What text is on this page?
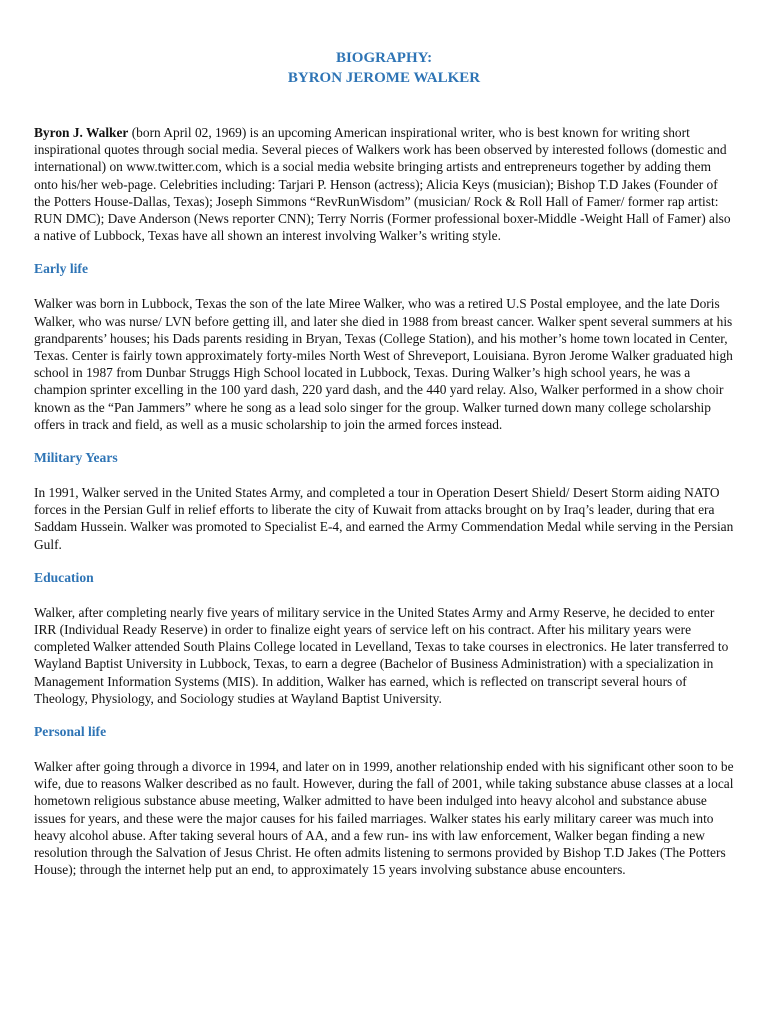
BIOGRAPHY:
BYRON JEROME WALKER

Byron J. Walker (born April 02, 1969) is an upcoming American inspirational writer, who is best known for writing short inspirational quotes through social media. Several pieces of Walkers work has been observed by interested follows (domestic and international) on www.twitter.com, which is a social media website bringing artists and entrepreneurs together by adding them onto his/her web-page. Celebrities including: Tarjari P. Henson (actress); Alicia Keys (musician); Bishop T.D Jakes (Founder of the Potters House-Dallas, Texas); Joseph Simmons “RevRunWisdom” (musician/ Rock & Roll Hall of Famer/ former rap artist: RUN DMC); Dave Anderson (News reporter CNN); Terry Norris (Former professional boxer-Middle -Weight Hall of Famer) also a native of Lubbock, Texas have all shown an interest involving Walker’s writing style.

Early life

Walker was born in Lubbock, Texas the son of the late Miree Walker, who was a retired U.S Postal employee, and the late Doris Walker, who was nurse/ LVN before getting ill, and later she died in 1988 from breast cancer. Walker spent several summers at his grandparents’ houses; his Dads parents residing in Bryan, Texas (College Station), and his mother’s home town located in Center, Texas. Center is fairly town approximately forty-miles North West of Shreveport, Louisiana. Byron Jerome Walker graduated high school in 1987 from Dunbar Struggs High School located in Lubbock, Texas. During Walker’s high school years, he was a champion sprinter excelling in the 100 yard dash, 220 yard dash, and the 440 yard relay. Also, Walker performed in a show choir known as the “Pan Jammers” where he song as a lead solo singer for the group. Walker turned down many college scholarship offers in track and field, as well as a music scholarship to join the armed forces instead.

Military Years

In 1991, Walker served in the United States Army, and completed a tour in Operation Desert Shield/ Desert Storm aiding NATO forces in the Persian Gulf in relief efforts to liberate the city of Kuwait from attacks brought on by Iraq’s leader, during that era Saddam Hussein. Walker was promoted to Specialist E-4, and earned the Army Commendation Medal while serving in the Persian Gulf.

Education

Walker, after completing nearly five years of military service in the United States Army and Army Reserve, he decided to enter IRR (Individual Ready Reserve) in order to finalize eight years of service left on his contract. After his military years were completed Walker attended South Plains College located in Levelland, Texas to take courses in electronics. He later transferred to Wayland Baptist University in Lubbock, Texas, to earn a degree (Bachelor of Business Administration) with a specialization in Management Information Systems (MIS). In addition, Walker has earned, which is reflected on transcript several hours of Theology, Physiology, and Sociology studies at Wayland Baptist University.

Personal life

Walker after going through a divorce in 1994, and later on in 1999, another relationship ended with his significant other soon to be wife, due to reasons Walker described as no fault. However, during the fall of 2001, while taking substance abuse classes at a local hometown religious substance abuse meeting, Walker admitted to have been indulged into heavy alcohol and substance abuse issues for years, and these were the major causes for his failed marriages. Walker states his early military career was much into heavy alcohol abuse. After taking several hours of AA, and a few run- ins with law enforcement, Walker began finding a new resolution through the Salvation of Jesus Christ. He often admits listening to sermons provided by Bishop T.D Jakes (The Potters House); through the internet help put an end, to approximately 15 years involving substance abuse encounters.
